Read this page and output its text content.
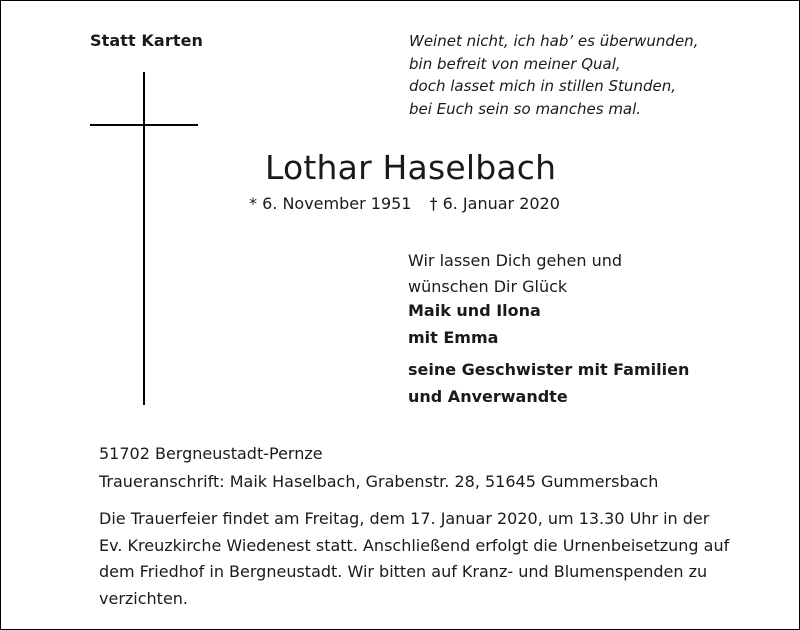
Statt Karten	Weinet nicht, ich hab’ es überwunden,
bin befreit von meiner Qual,
doch lasset mich in stillen Stunden,
bei Euch sein so manches mal.
Lothar Haselbach
* 6. November 1951 † 6. Januar 2020
Wir lassen Dich gehen und
wünschen Dir Glück
Maik und Ilona
mit Emma
seine Geschwister mit Familien
und Anverwandte
51702 Bergneustadt-Pernze
Traueranschrift: Maik Haselbach, Grabenstr. 28, 51645 Gummersbach
Die Trauerfeier findet am Freitag, dem 17. Januar 2020, um 13.30 Uhr in der
Ev. Kreuzkirche Wiedenest statt. Anschließend erfolgt die Urnenbeisetzung auf
dem Friedhof in Bergneustadt. Wir bitten auf Kranz- und Blumenspenden zu
verzichten.
